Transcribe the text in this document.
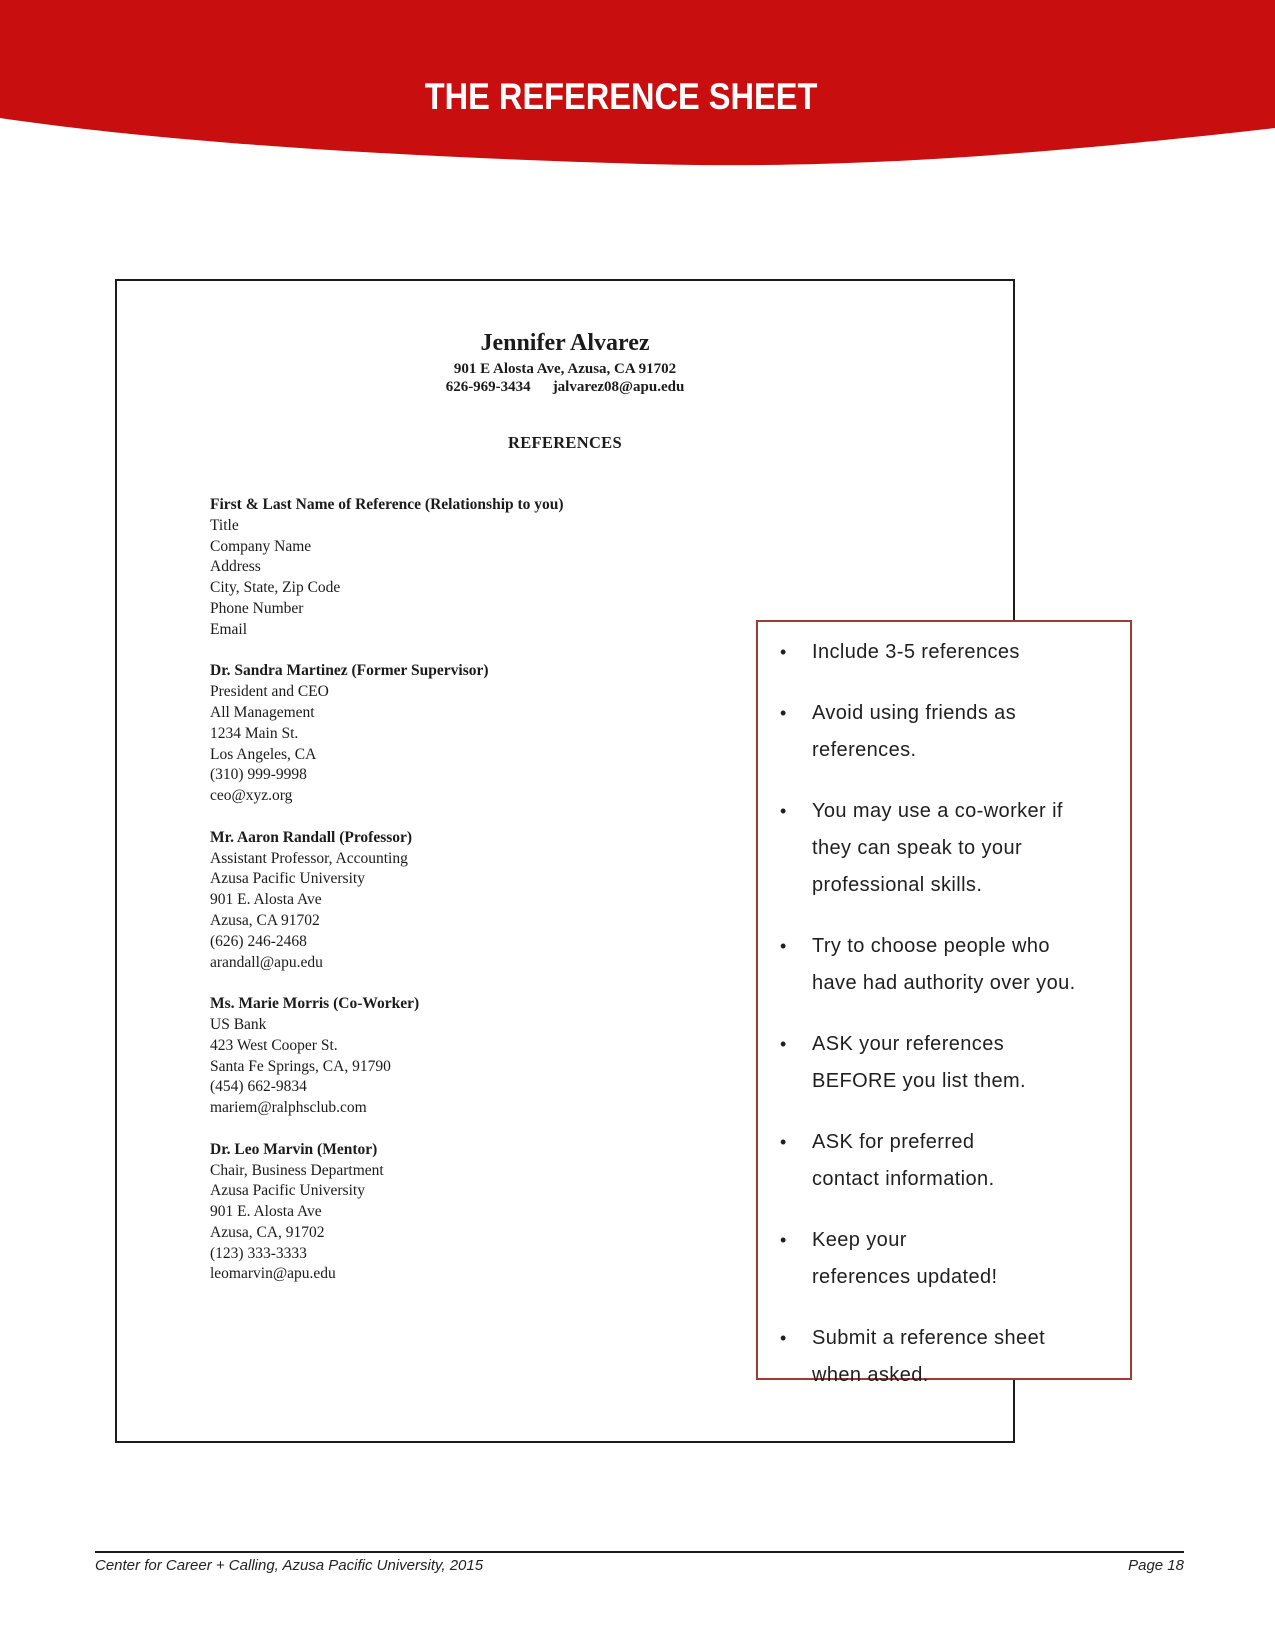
THE REFERENCE SHEET
Jennifer Alvarez
901 E Alosta Ave, Azusa, CA 91702
626-969-3434 jalvarez08@apu.edu
REFERENCES
First & Last Name of Reference (Relationship to you)
Title
Company Name
Address
City, State, Zip Code
Phone Number
Email
Dr. Sandra Martinez (Former Supervisor)
President and CEO
All Management
1234 Main St.
Los Angeles, CA
(310) 999-9998
ceo@xyz.org
Mr. Aaron Randall (Professor)
Assistant Professor, Accounting
Azusa Pacific University
901 E. Alosta Ave
Azusa, CA 91702
(626) 246-2468
arandall@apu.edu
Ms. Marie Morris (Co-Worker)
US Bank
423 West Cooper St.
Santa Fe Springs, CA, 91790
(454) 662-9834
mariem@ralphsclub.com
Dr. Leo Marvin (Mentor)
Chair, Business Department
Azusa Pacific University
901 E. Alosta Ave
Azusa, CA, 91702
(123) 333-3333
leomarvin@apu.edu
• Include 3-5 references
• Avoid using friends as
references.
• You may use a co-worker if
they can speak to your
professional skills.
• Try to choose people who
have had authority over you.
• ASK your references
BEFORE you list them.
• ASK for preferred
contact information.
• Keep your
references updated!
• Submit a reference sheet
when asked.
Center for Career + Calling, Azusa Pacific University, 2015	Page 18
